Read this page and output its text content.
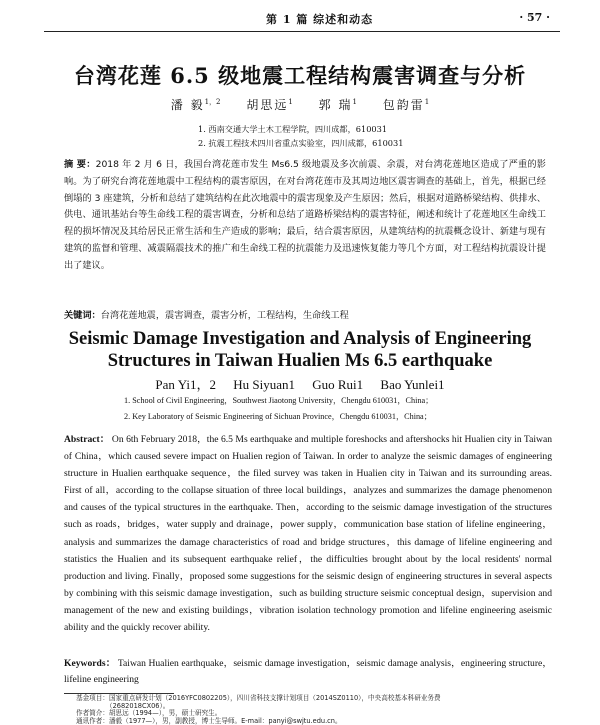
第 1 篇 综述和动态	· 57 ·
台湾花莲 6.5 级地震工程结构震害调查与分析
潘 毅$^{1,2}$ 胡思远$^1$ 郭 瑞$^1$ 包韵雷$^1$
1. 西南交通大学土木工程学院，四川成都，610031
2. 抗震工程技术四川省重点实验室，四川成都，610031
摘 要：2018 年 2 月 6 日，我国台湾花莲市发生 Ms6.5 级地震及多次前震、余震，对台湾花莲地区造成了严重的影响。为了研究台湾花莲地震中工程结构的震害原因，在对台湾花莲市及其周边地区震害调查的基础上，首先，根据已经倒塌的 3 座建筑，分析和总结了建筑结构在此次地震中的震害现象及产生原因；然后，根据对道路桥梁结构、供排水、供电、通讯基站台等生命线工程的震害调查，分析和总结了道路桥梁结构的震害特征，阐述和统计了花莲地区生命线工程的损坏情况及其给居民正常生活和生产造成的影响；最后，结合震害原因，从建筑结构的抗震概念设计、新建与现有建筑的监督和管理、减震隔震技术的推广和生命线工程的抗震能力及迅速恢复能力等几个方面，对工程结构抗震设计提出了建议。
关键词：台湾花莲地震，震害调查，震害分析，工程结构，生命线工程
Seismic Damage Investigation and Analysis of Engineering
Structures in Taiwan Hualien Ms 6.5 earthquake
Pan Yi1，2 Hu Siyuan1 Guo Rui1 Bao Yunlei1
1. School of Civil Engineering，Southwest Jiaotong University，Chengdu 610031，China；
2. Key Laboratory of Seismic Engineering of Sichuan Province，Chengdu 610031，China；
Abstract： On 6th February 2018，the 6.5 Ms earthquake and multiple foreshocks and aftershocks hit Hualien city in Taiwan of China，which caused severe impact on Hualien region of Taiwan. In order to analyze the seismic damages of engineering structure in Hualien earthquake sequence，the filed survey was taken in Hualien city in Taiwan and its surrounding areas. First of all，according to the collapse situation of three local buildings，analyzes and summarizes the damage phenomenon and causes of the typical structures in the earthquake. Then，according to the seismic damage investigation of the structures such as roads，bridges，water supply and drainage，power supply，communication base station of lifeline engineering，analysis and summarizes the damage characteristics of road and bridge structures，this damage of lifeline engineering and statistics the Hualien and its subsequent earthquake relief，the difficulties brought about by the local residents' normal production and living. Finally，proposed some suggestions for the seismic design of engineering structures in several aspects by combining with this seismic damage investigation，such as building structure seismic conceptual design，supervision and management of the new and existing buildings，vibration isolation technology promotion and lifeline engineering aseismic ability and the quickly recover ability.
Keywords： Taiwan Hualien earthquake，seismic damage investigation，seismic damage analysis，engineering structure，lifeline engineering
基金项目：国家重点研发计划（2016YFC0802205），四川省科技支撑计划项目（2014SZ0110），中央高校基本科研业务费
（2682018CX06）。
作者简介：胡思远（1994—），男，硕士研究生。
通讯作者：潘毅（1977—），男，副教授，博士生导师。E-mail：panyi@swjtu.edu.cn。
